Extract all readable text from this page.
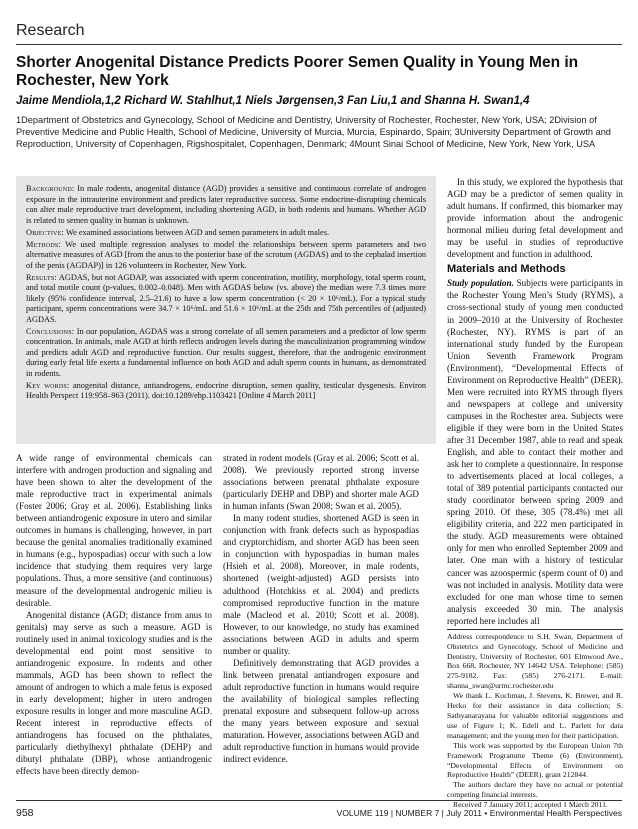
Research
Shorter Anogenital Distance Predicts Poorer Semen Quality in Young Men in Rochester, New York
Jaime Mendiola,1,2 Richard W. Stahlhut,1 Niels Jørgensen,3 Fan Liu,1 and Shanna H. Swan1,4
1Department of Obstetrics and Gynecology, School of Medicine and Dentistry, University of Rochester, Rochester, New York, USA; 2Division of Preventive Medicine and Public Health, School of Medicine, University of Murcia, Murcia, Espinardo, Spain; 3University Department of Growth and Reproduction, University of Copenhagen, Rigshospitalet, Copenhagen, Denmark; 4Mount Sinai School of Medicine, New York, New York, USA

Background: In male rodents, anogenital distance (AGD) provides a sensitive and continuous correlate of androgen exposure in the intrauterine environment and predicts later reproductive success. Some endocrine-disrupting chemicals can alter male reproductive tract development, including shortening AGD, in both rodents and humans. Whether AGD is related to semen quality in human is unknown.

Objective: We examined associations between AGD and semen parameters in adult males.

Methods: We used multiple regression analyses to model the relationships between sperm parameters and two alternative measures of AGD [from the anus to the posterior base of the scrotum (AGDAS) and to the cephalad insertion of the penis (AGDAP)] in 126 volunteers in Rochester, New York.

Results: AGDAS, but not AGDAP, was associated with sperm concentration, motility, morphology, total sperm count, and total motile count (p-values, 0.002–0.048). Men with AGDAS below (vs. above) the median were 7.3 times more likely (95% confidence interval, 2.5–21.6) to have a low sperm concentration (< 20 × 10⁶/mL). For a typical study participant, sperm concentrations were 34.7 × 10⁶/mL and 51.6 × 10⁶/mL at the 25th and 75th percentiles of (adjusted) AGDAS.

Conclusions: In our population, AGDAS was a strong correlate of all semen parameters and a predictor of low sperm concentration. In animals, male AGD at birth reflects androgen levels during the masculinization programming window and predicts adult AGD and reproductive function. Our results suggest, therefore, that the androgenic environment during early fetal life exerts a fundamental influence on both AGD and adult sperm counts in humans, as demonstrated in rodents.

Key words: anogenital distance, antiandrogens, endocrine disruption, semen quality, testicular dysgenesis. Environ Health Perspect 119:958–963 (2011). doi:10.1289/ehp.1103421 [Online 4 March 2011]

A wide range of environmental chemicals can interfere with androgen production and signaling and have been shown to alter the development of the male reproductive tract in experimental animals (Foster 2006; Gray et al. 2006). Establishing links between antiandrogenic exposure in utero and similar outcomes in humans is challenging, however, in part because the genital anomalies traditionally examined in humans (e.g., hypospadias) occur with such a low incidence that studying them requires very large populations. Thus, a more sensitive (and continuous) measure of the developmental androgenic milieu is desirable.

Anogenital distance (AGD; distance from anus to genitals) may serve as such a measure. AGD is routinely used in animal toxicology studies and is the developmental end point most sensitive to antiandrogenic exposure. In rodents and other mammals, AGD has been shown to reflect the amount of androgen to which a male fetus is exposed in early development; higher in utero androgen exposure results in longer and more masculine AGD. Recent interest in reproductive effects of antiandrogens has focused on the phthalates, particularly diethylhexyl phthalate (DEHP) and dibutyl phthalate (DBP), whose antiandrogenic effects have been directly demon-

strated in rodent models (Gray et al. 2006; Scott et al. 2008). We previously reported strong inverse associations between prenatal phthalate exposure (particularly DEHP and DBP) and shorter male AGD in human infants (Swan 2008; Swan et al. 2005).

In many rodent studies, shortened AGD is seen in conjunction with frank defects such as hypospadias and cryptorchidism, and shorter AGD has been seen in conjunction with hypospadias in human males (Hsieh et al. 2008). Moreover, in male rodents, shortened (weight-adjusted) AGD persists into adulthood (Hotchkiss et al. 2004) and predicts compromised reproductive function in the mature male (Macleod et al. 2010; Scott et al. 2008). However, to our knowledge, no study has examined associations between AGD in adults and sperm number or quality.

Definitively demonstrating that AGD provides a link between prenatal antiandrogen exposure and adult reproductive function in humans would require the availability of biological samples reflecting prenatal exposure and subsequent follow-up across the many years between exposure and sexual maturation. However, associations between AGD and adult reproductive function in humans would provide indirect evidence.

In this study, we explored the hypothesis that AGD may be a predictor of semen quality in adult humans. If confirmed, this biomarker may provide information about the androgenic hormonal milieu during fetal development and may be useful in studies of reproductive development and function in adulthood.

Materials and Methods

Study population. Subjects were participants in the Rochester Young Men’s Study (RYMS), a cross-sectional study of young men conducted in 2009–2010 at the University of Rochester (Rochester, NY). RYMS is part of an international study funded by the European Union Seventh Framework Program (Environment), “Developmental Effects of Environment on Reproductive Health” (DEER). Men were recruited into RYMS through flyers and newspapers at college and university campuses in the Rochester area. Subjects were eligible if they were born in the United States after 31 December 1987, able to read and speak English, and able to contact their mother and ask her to complete a questionnaire. In response to advertisements placed at local colleges, a total of 389 potential participants contacted our study coordinator between spring 2009 and spring 2010. Of these, 305 (78.4%) met all eligibility criteria, and 222 men participated in the study. AGD measurements were obtained only for men who enrolled September 2009 and later. One man with a history of testicular cancer was azoospermic (sperm count of 0) and was not included in analysis. Motility data were excluded for one man whose time to semen analysis exceeded 30 min. The analysis reported here includes all

Address correspondence to S.H. Swan, Department of Obstetrics and Gynecology, School of Medicine and Dentistry, University of Rochester, 601 Elmwood Ave., Box 668, Rochester, NY 14642 USA. Telephone: (585) 275-9182. Fax: (585) 276-2171. E-mail: shanna_swan@urmc.rochester.edu

We thank L. Kochman, J. Stevens, K. Brewer, and R. Herko for their assistance in data collection; S. Sathyanarayana for valuable editorial suggestions and use of Figure 1; K. Edell and L. Parlett for data management; and the young men for their participation.

This work was supported by the European Union 7th Framework Programme Theme (6) (Environment), “Developmental Effects of Environment on Reproductive Health” (DEER), grant 212844.

The authors declare they have no actual or potential competing financial interests.

Received 7 January 2011; accepted 1 March 2011.

958	VOLUME 119 | NUMBER 7 | July 2011 • Environmental Health Perspectives
